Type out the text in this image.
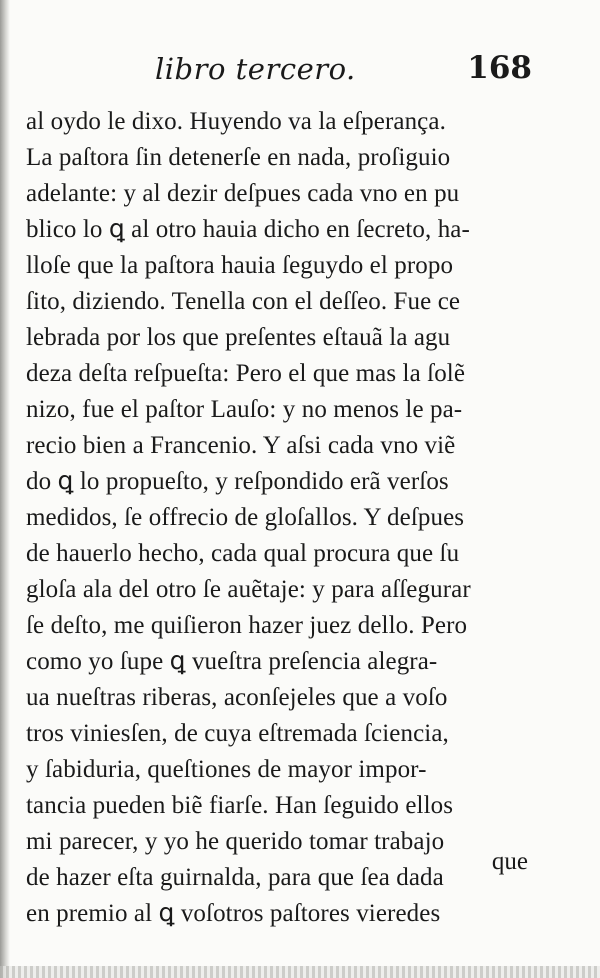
libro tercero.	168
al oydo le dixo. Huyendo va la eſperança.
La paſtora ſin detenerſe en nada, proſiguio
adelante: y al dezir deſpues cada vno en pu
blico lo ꝗ al otro hauia dicho en ſecreto, ha-
lloſe que la paſtora hauia ſeguydo el propo
ſito, diziendo. Tenella con el deſſeo. Fue ce
lebrada por los que preſentes eſtauã la agu
deza deſta reſpueſta: Pero el que mas la ſolẽ
nizo, fue el paſtor Lauſo: y no menos le pa-
recio bien a Francenio. Y aſsi cada vno viẽ
do ꝗ lo propueſto, y reſpondido erã verſos
medidos, ſe offrecio de gloſallos. Y deſpues
de hauerlo hecho, cada qual procura que ſu
gloſa ala del otro ſe auẽtaje: y para aſſegurar
ſe deſto, me quiſieron hazer juez dello. Pero
como yo ſupe ꝗ vueſtra preſencia alegra-
ua nueſtras riberas, aconſejeles que a voſo
tros viniesſen, de cuya eſtremada ſciencia,
y ſabiduria, queſtiones de mayor impor-
tancia pueden biẽ fiarſe. Han ſeguido ellos
mi parecer, y yo he querido tomar trabajo
de hazer eſta guirnalda, para que ſea dada
en premio al ꝗ voſotros paſtores vieredes
que
